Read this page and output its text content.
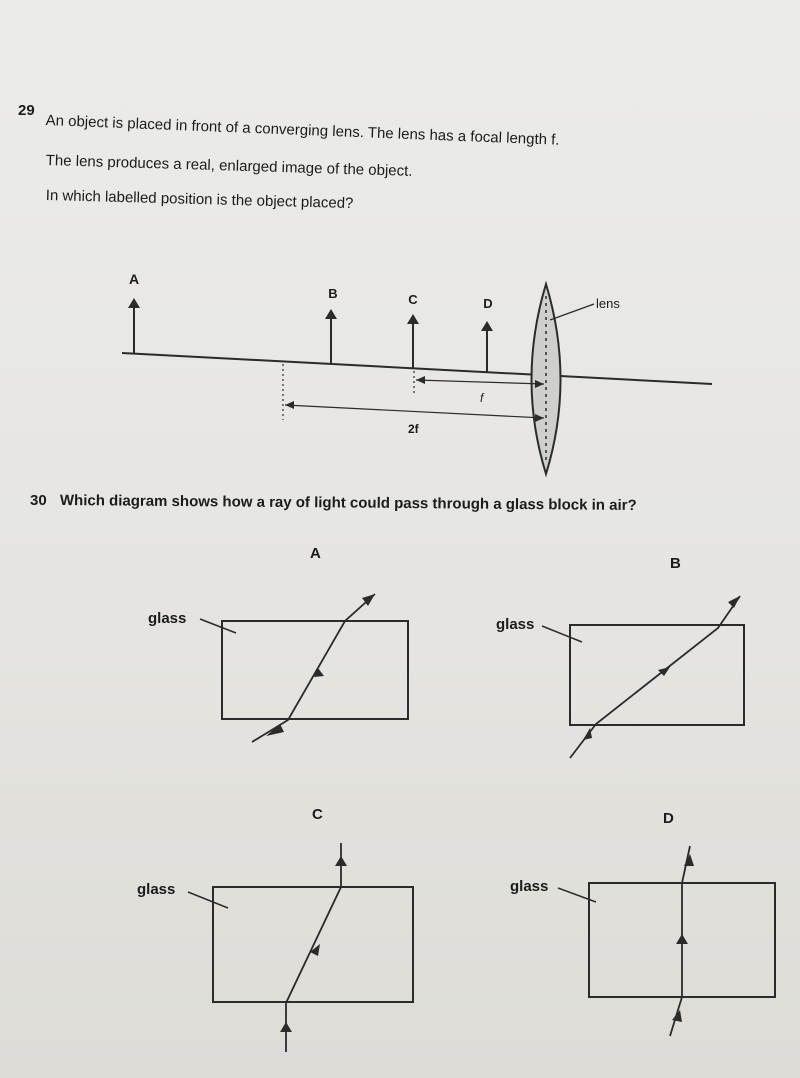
29
An object is placed in front of a converging lens. The lens has a focal length f.
The lens produces a real, enlarged image of the object.
In which labelled position is the object placed?
A
B	C	D	lens
f
2f
30 Which diagram shows how a ray of light could pass through a glass block in air?
A
B
C	D
glass	glass
glass	glass
